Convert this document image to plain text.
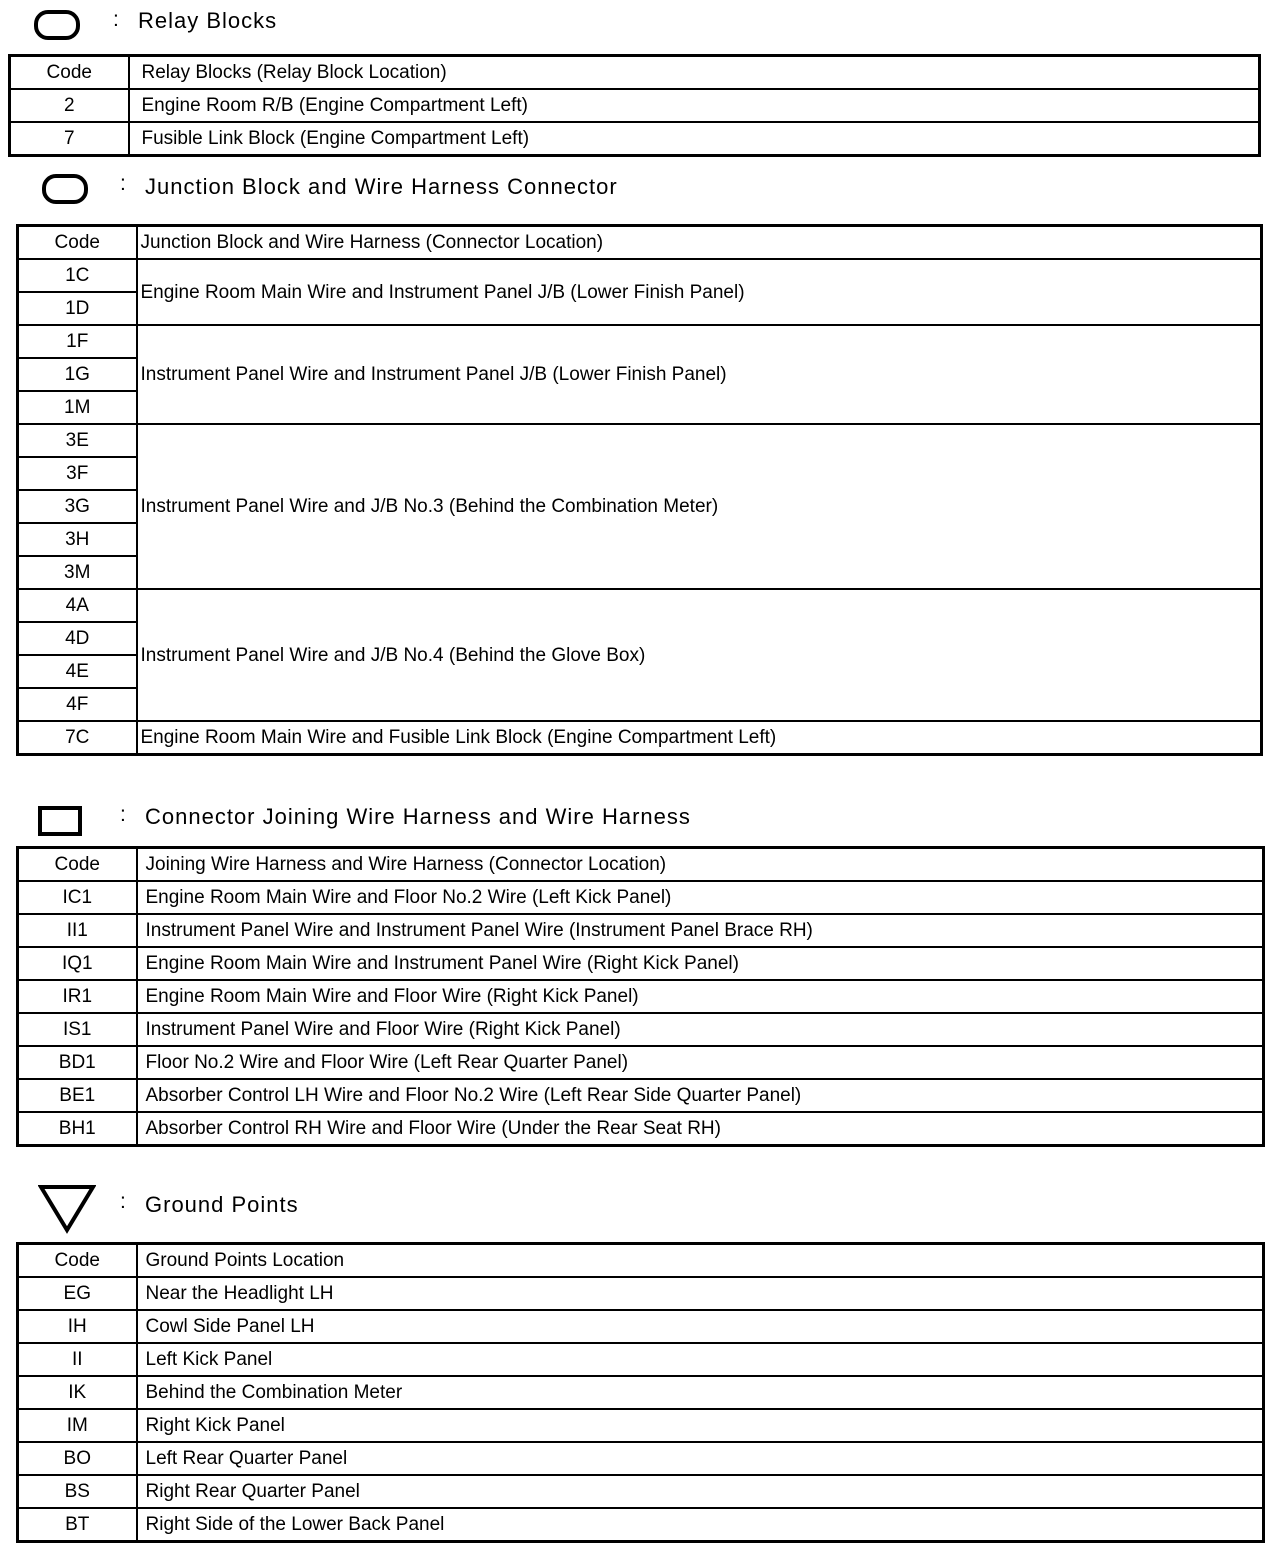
: Relay Blocks
Code	Relay Blocks (Relay Block Location)
2	Engine Room R/B (Engine Compartment Left)
7	Fusible Link Block (Engine Compartment Left)
: Junction Block and Wire Harness Connector
Code	Junction Block and Wire Harness (Connector Location)
1C	Engine Room Main Wire and Instrument Panel J/B (Lower Finish Panel)
1D	
1F	Instrument Panel Wire and Instrument Panel J/B (Lower Finish Panel)
1G	
1M	
3E	Instrument Panel Wire and J/B No.3 (Behind the Combination Meter)
3F	
3G	
3H	
3M	
4A	Instrument Panel Wire and J/B No.4 (Behind the Glove Box)
4D	
4E	
4F	
7C	Engine Room Main Wire and Fusible Link Block (Engine Compartment Left)
: Connector Joining Wire Harness and Wire Harness
Code	Joining Wire Harness and Wire Harness (Connector Location)
IC1	Engine Room Main Wire and Floor No.2 Wire (Left Kick Panel)
II1	Instrument Panel Wire and Instrument Panel Wire (Instrument Panel Brace RH)
IQ1	Engine Room Main Wire and Instrument Panel Wire (Right Kick Panel)
IR1	Engine Room Main Wire and Floor Wire (Right Kick Panel)
IS1	Instrument Panel Wire and Floor Wire (Right Kick Panel)
BD1	Floor No.2 Wire and Floor Wire (Left Rear Quarter Panel)
BE1	Absorber Control LH Wire and Floor No.2 Wire (Left Rear Side Quarter Panel)
BH1	Absorber Control RH Wire and Floor Wire (Under the Rear Seat RH)
: Ground Points
Code	Ground Points Location
EG	Near the Headlight LH
IH	Cowl Side Panel LH
II	Left Kick Panel
IK	Behind the Combination Meter
IM	Right Kick Panel
BO	Left Rear Quarter Panel
BS	Right Rear Quarter Panel
BT	Right Side of the Lower Back Panel
